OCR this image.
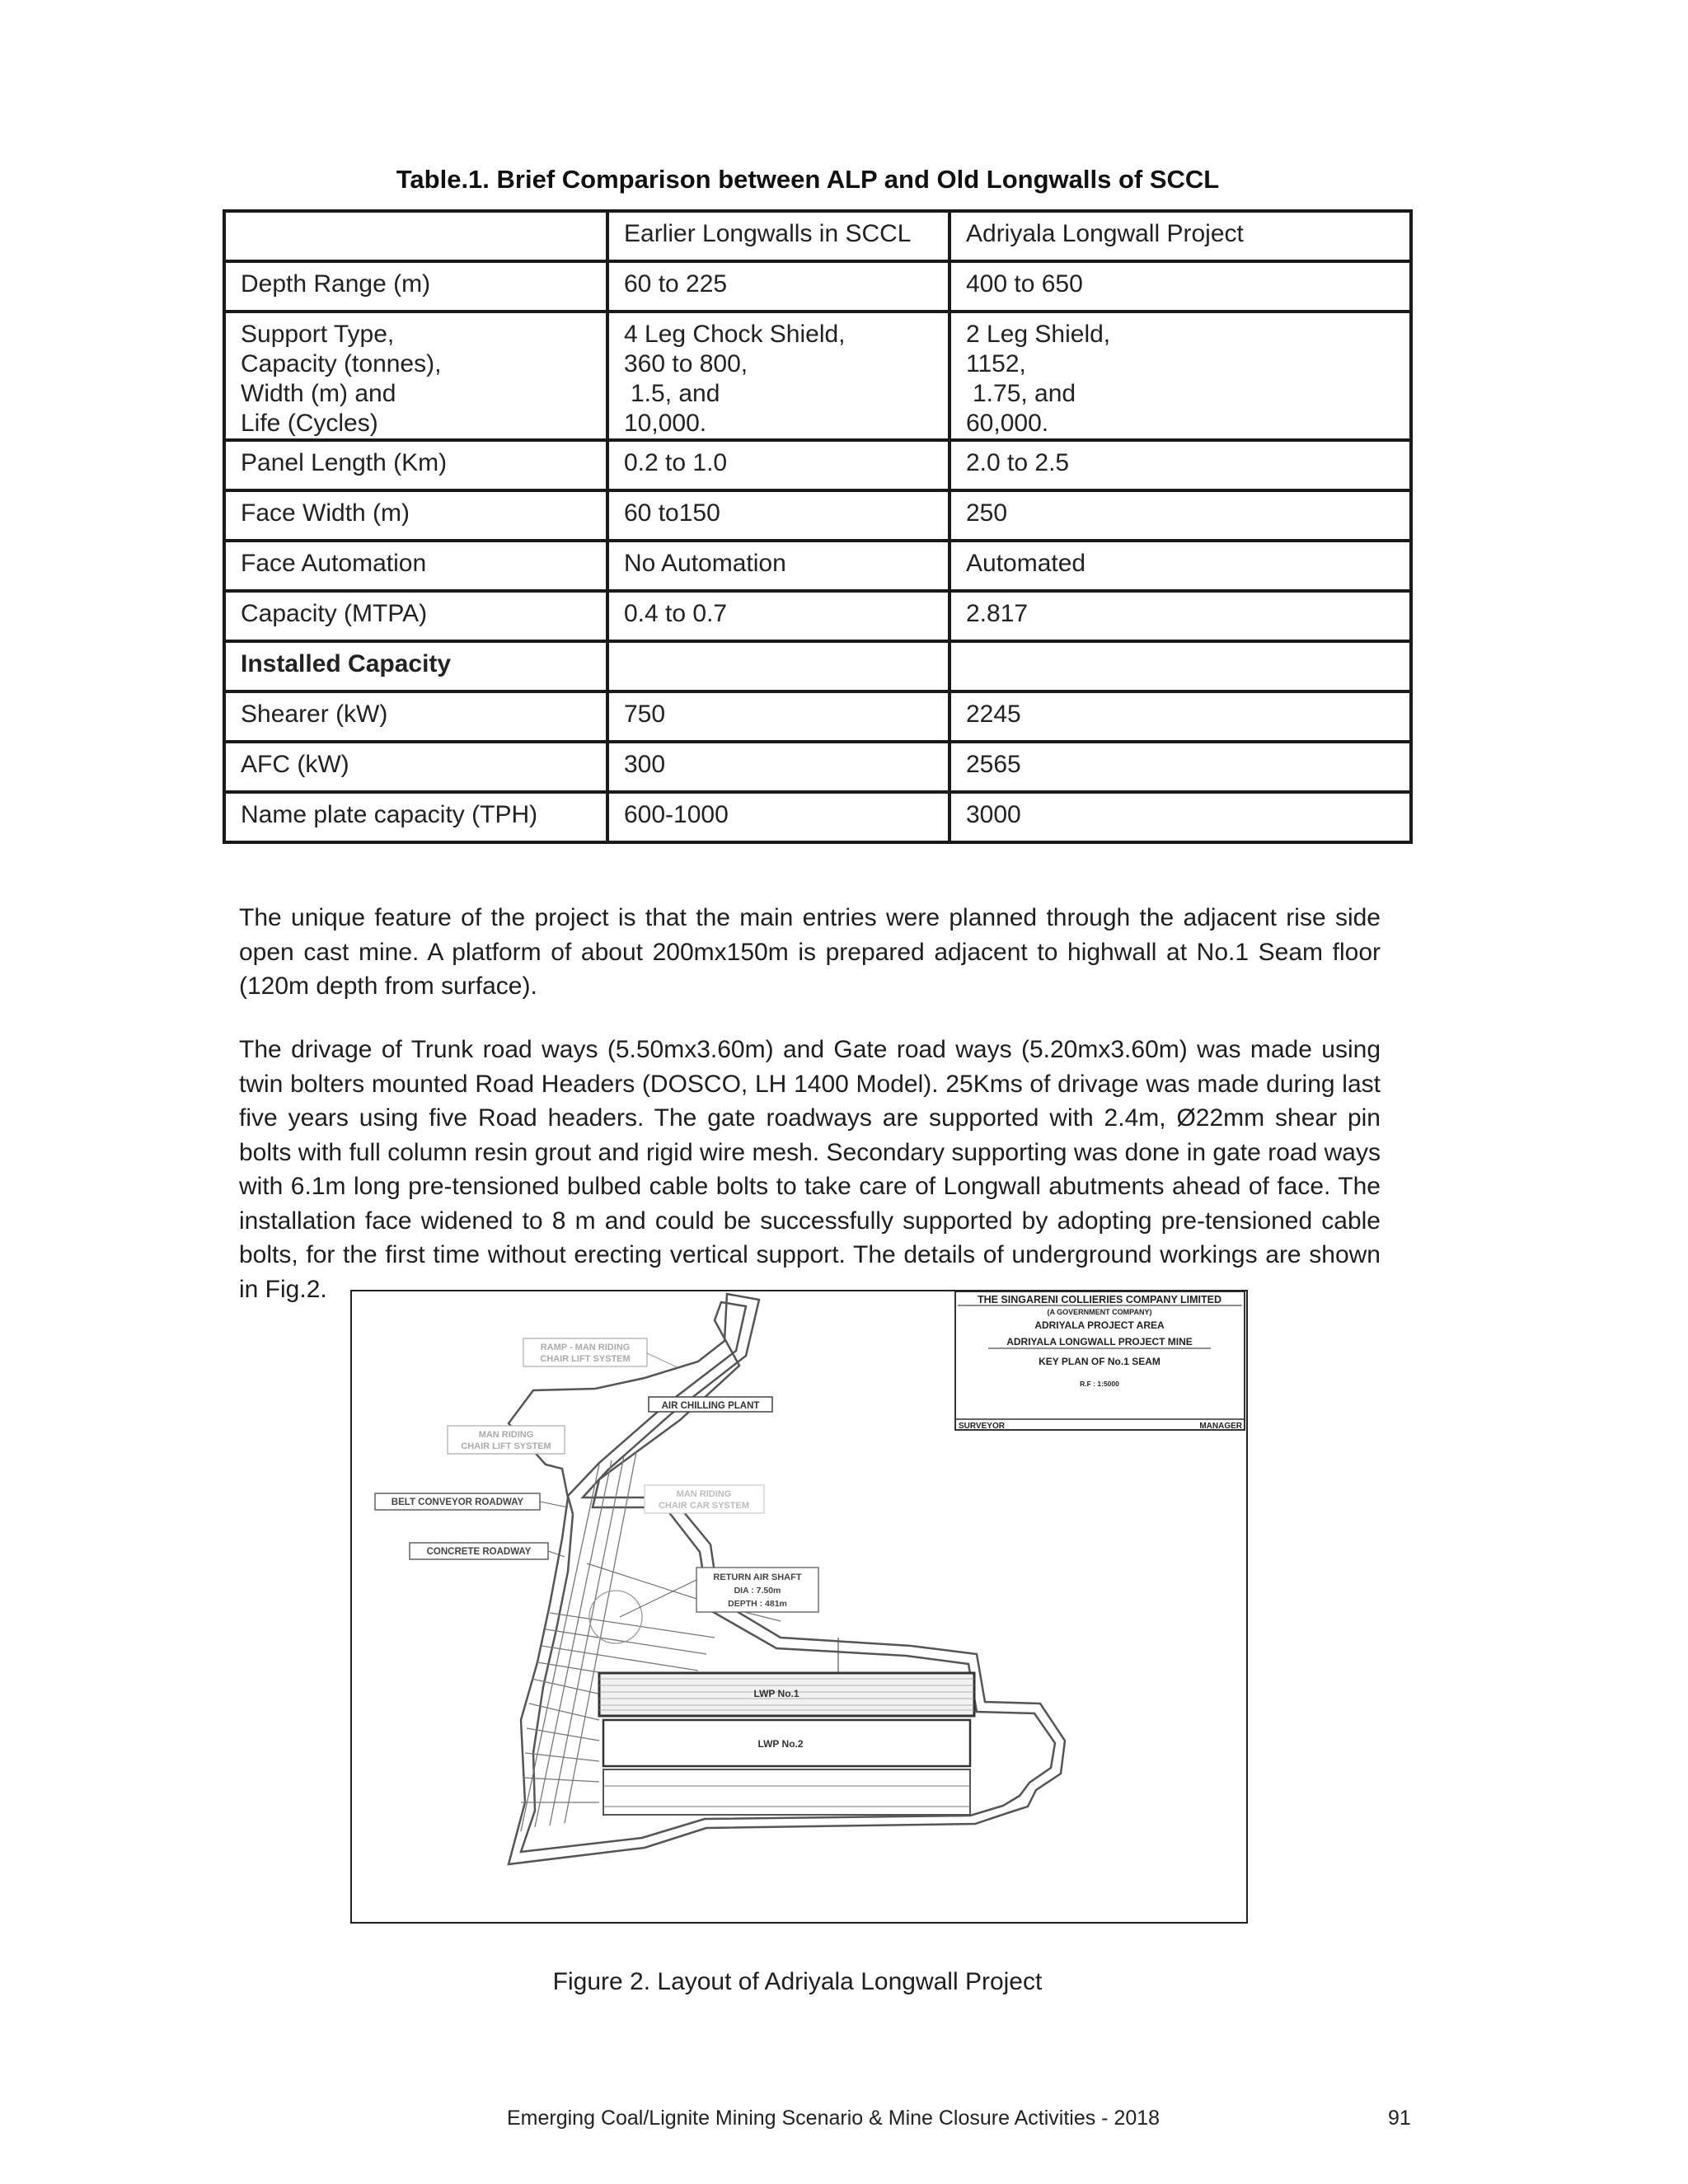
Table.1. Brief Comparison between ALP and Old Longwalls of SCCL
	Earlier Longwalls in SCCL	Adriyala Longwall Project
Depth Range (m)	60 to 225	400 to 650

Support Type,
Capacity (tonnes),
Width (m) and
Life (Cycles)	4 Leg Chock Shield,
360 to 800,
1.5, and
10,000.	2 Leg Shield,
1152,
1.75, and
60,000.

Panel Length (Km)	0.2 to 1.0	2.0 to 2.5
Face Width (m)	60 to150	250
Face Automation	No Automation	Automated
Capacity (MTPA)	0.4 to 0.7	2.817
Installed Capacity		
Shearer (kW)	750	2245
AFC (kW)	300	2565
Name plate capacity (TPH)	600-1000	3000

The unique feature of the project is that the main entries were planned through the adjacent rise side open cast mine. A platform of about 200mx150m is prepared adjacent to highwall at No.1 Seam floor (120m depth from surface).

The drivage of Trunk road ways (5.50mx3.60m) and Gate road ways (5.20mx3.60m) was made using twin bolters mounted Road Headers (DOSCO, LH 1400 Model). 25Kms of drivage was made during last five years using five Road headers. The gate roadways are supported with 2.4m, Ø22mm shear pin bolts with full column resin grout and rigid wire mesh. Secondary supporting was done in gate road ways with 6.1m long pre-tensioned bulbed cable bolts to take care of Longwall abutments ahead of face. The installation face widened to 8 m and could be successfully supported by adopting pre-tensioned cable bolts, for the first time without erecting vertical support. The details of underground workings are shown in Fig.2.	THE SINGARENI COLLIERIES COMPANY LIMITED
(A GOVERNMENT COMPANY)
ADRIYALA PROJECT AREA
ADRIYALA LONGWALL PROJECT MINE
KEY PLAN OF No.1 SEAM
R.F : 1:5000
SURVEYOR	MANAGER
RAMP - MAN RIDING
CHAIR LIFT SYSTEM
AIR CHILLING PLANT
MAN RIDING
CHAIR LIFT SYSTEM
BELT CONVEYOR ROADWAY
MAN RIDING
CHAIR CAR SYSTEM
CONCRETE ROADWAY
RETURN AIR SHAFT
DIA : 7.50m
DEPTH : 481m
LWP No.1
LWP No.2
Figure 2. Layout of Adriyala Longwall Project
Emerging Coal/Lignite Mining Scenario & Mine Closure Activities - 2018	91
